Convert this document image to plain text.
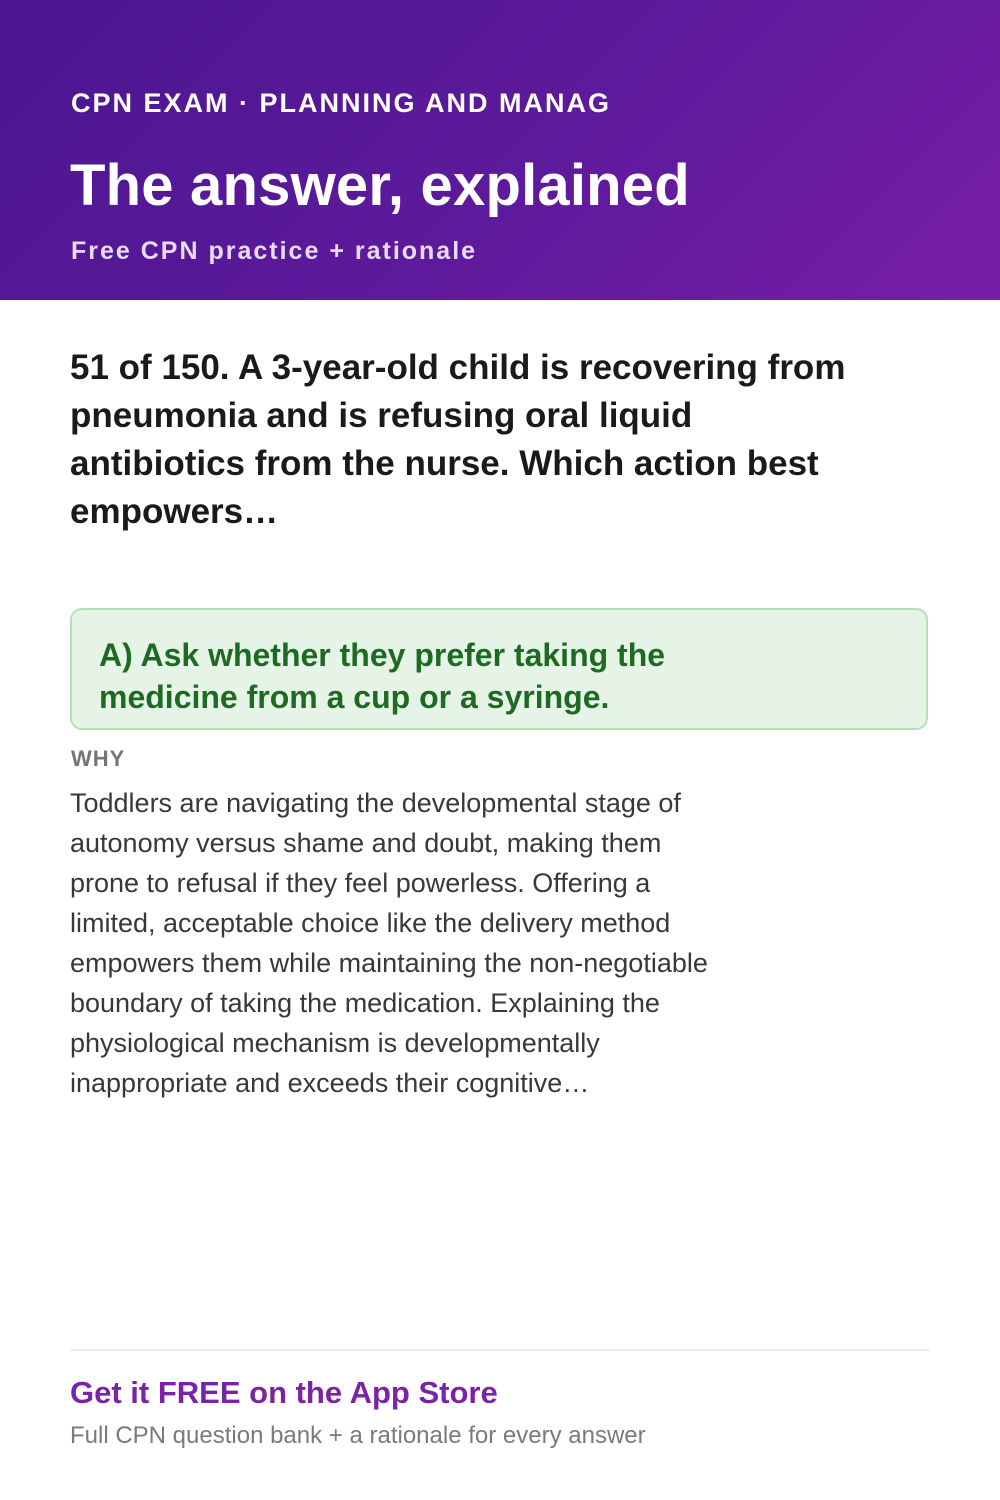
CPN EXAM · PLANNING AND MANAG
The answer, explained
Free CPN practice + rationale

51 of 150. A 3-year-old child is recovering from pneumonia and is refusing oral liquid antibiotics from the nurse. Which action best empowers…

A) Ask whether they prefer taking the medicine from a cup or a syringe.

WHY

Toddlers are navigating the developmental stage of autonomy versus shame and doubt, making them prone to refusal if they feel powerless. Offering a limited, acceptable choice like the delivery method empowers them while maintaining the non-negotiable boundary of taking the medication. Explaining the physiological mechanism is developmentally inappropriate and exceeds their cognitive…

Get it FREE on the App Store
Full CPN question bank + a rationale for every answer
